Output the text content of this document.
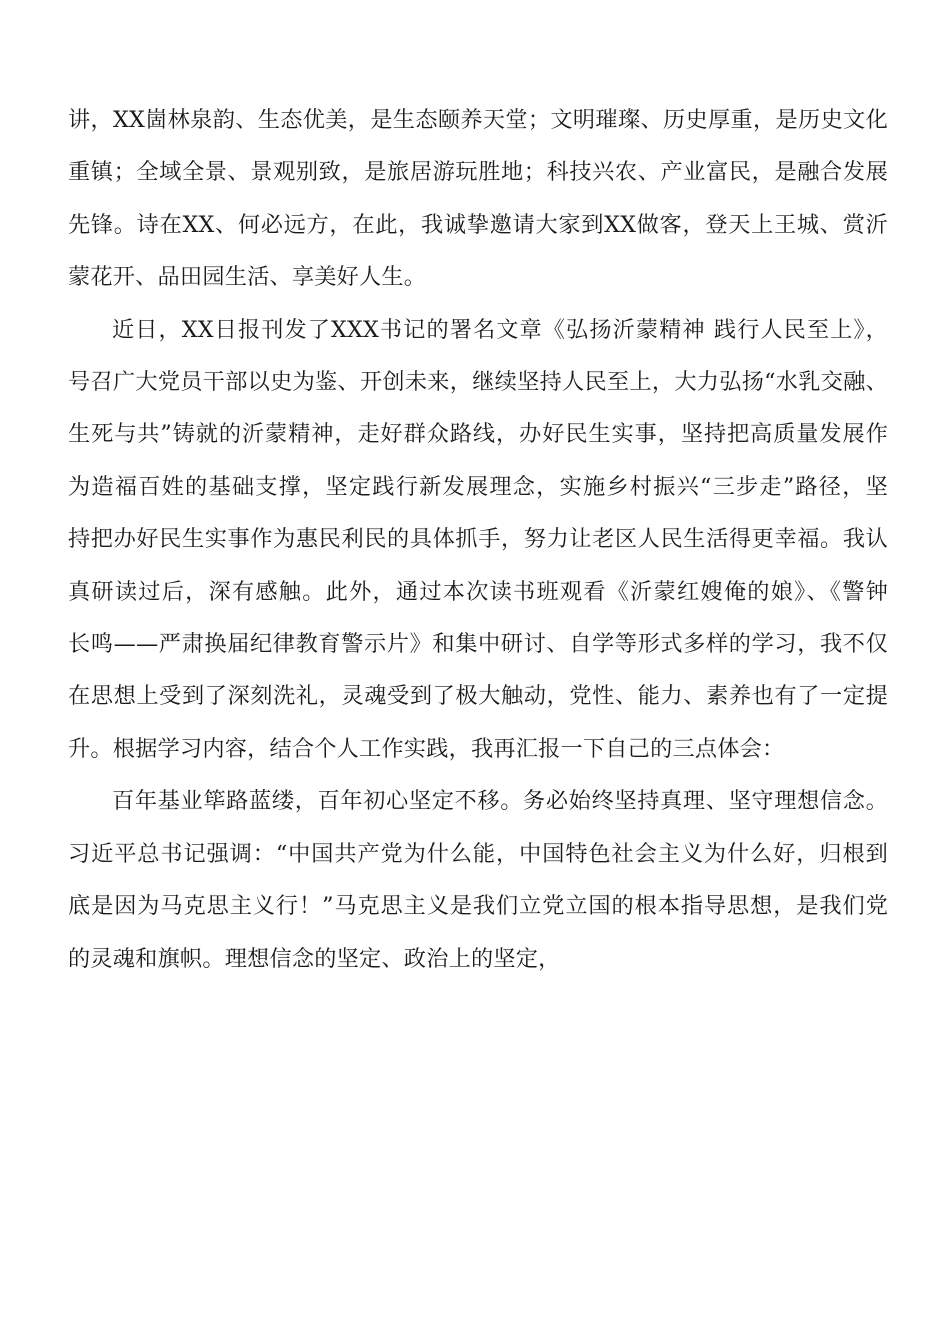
讲，XX崮林泉韵、生态优美，是生态颐养天堂；文明璀璨、历史厚重，是历史文化
重镇；全域全景、景观别致，是旅居游玩胜地；科技兴农、产业富民，是融合发展
先锋。诗在XX、何必远方，在此，我诚挚邀请大家到XX做客，登天上王城、赏沂
蒙花开、品田园生活、享美好人生。

近日，XX日报刊发了XXX书记的署名文章《弘扬沂蒙精神 践行人民至上》，
号召广大党员干部以史为鉴、开创未来，继续坚持人民至上，大力弘扬“水乳交融、
生死与共”铸就的沂蒙精神，走好群众路线，办好民生实事，坚持把高质量发展作
为造福百姓的基础支撑，坚定践行新发展理念，实施乡村振兴“三步走”路径，坚
持把办好民生实事作为惠民利民的具体抓手，努力让老区人民生活得更幸福。我认
真研读过后，深有感触。此外，通过本次读书班观看《沂蒙红嫂俺的娘》、《警钟
长鸣——严肃换届纪律教育警示片》和集中研讨、自学等形式多样的学习，我不仅
在思想上受到了深刻洗礼，灵魂受到了极大触动，党性、能力、素养也有了一定提
升。根据学习内容，结合个人工作实践，我再汇报一下自己的三点体会：

百年基业筚路蓝缕，百年初心坚定不移。务必始终坚持真理、坚守理想信念。
习近平总书记强调：“中国共产党为什么能，中国特色社会主义为什么好，归根到
底是因为马克思主义行！”马克思主义是我们立党立国的根本指导思想，是我们党
的灵魂和旗帜。理想信念的坚定、政治上的坚定，
